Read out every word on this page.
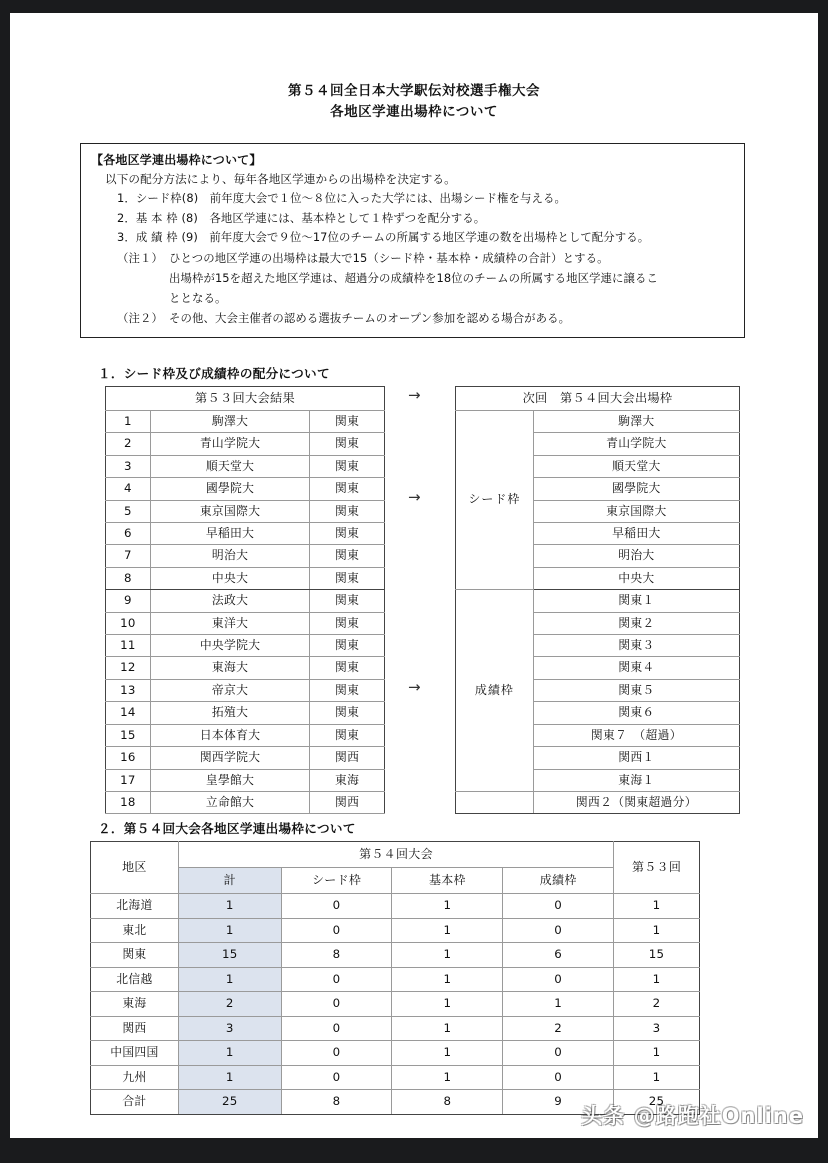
第５４回全日本大学駅伝対校選手権大会
各地区学連出場枠について
【各地区学連出場枠について】
以下の配分方法により、毎年各地区学連からの出場枠を決定する。
1．シード枠(8) 　前年度大会で１位～８位に入った大学には、出場シード権を与える。
2．基 本 枠 (8) 　各地区学連には、基本枠として１枠ずつを配分する。
3．成 績 枠 (9) 　前年度大会で９位～17位のチームの所属する地区学連の数を出場枠として配分する。
（注１） ひとつの地区学連の出場枠は最大で15（シード枠・基本枠・成績枠の合計）とする。
出場枠が15を超えた地区学連は、超過分の成績枠を18位のチームの所属する地区学連に譲るこ
ととなる。
（注２） その他、大会主催者の認める選抜チームのオープン参加を認める場合がある。
１．シード枠及び成績枠の配分について
第５３回大会結果		
1	駒澤大	関東
2	青山学院大	関東
3	順天堂大	関東
4	國學院大	関東
5	東京国際大	関東
6	早稲田大	関東
7	明治大	関東
8	中央大	関東
9	法政大	関東
10	東洋大	関東
11	中央学院大	関東
12	東海大	関東
13	帝京大	関東
14	拓殖大	関東
15	日本体育大	関東
16	関西学院大	関西
17	皇學館大	東海
18	立命館大	関西
→
→
→
次回　第５４回大会出場枠	
シード枠	駒澤大
	青山学院大
	順天堂大
	國學院大
	東京国際大
	早稲田大
	明治大
	中央大
成績枠	関東１
	関東２
	関東３
	関東４
	関東５
	関東６
	関東７　（超過）
	関西１
	東海１
	関西２（関東超過分）
２．第５４回大会各地区学連出場枠について
地区	第５４回大会				第５３回
	計	シード枠	基本枠	成績枠	
北海道	1	0	1	0	1
東北	1	0	1	0	1
関東	15	8	1	6	15
北信越	1	0	1	0	1
東海	2	0	1	1	2
関西	3	0	1	2	3
中国四国	1	0	1	0	1
九州	1	0	1	0	1
合計	25	8	8	9	25
头条 @路跑社Online
